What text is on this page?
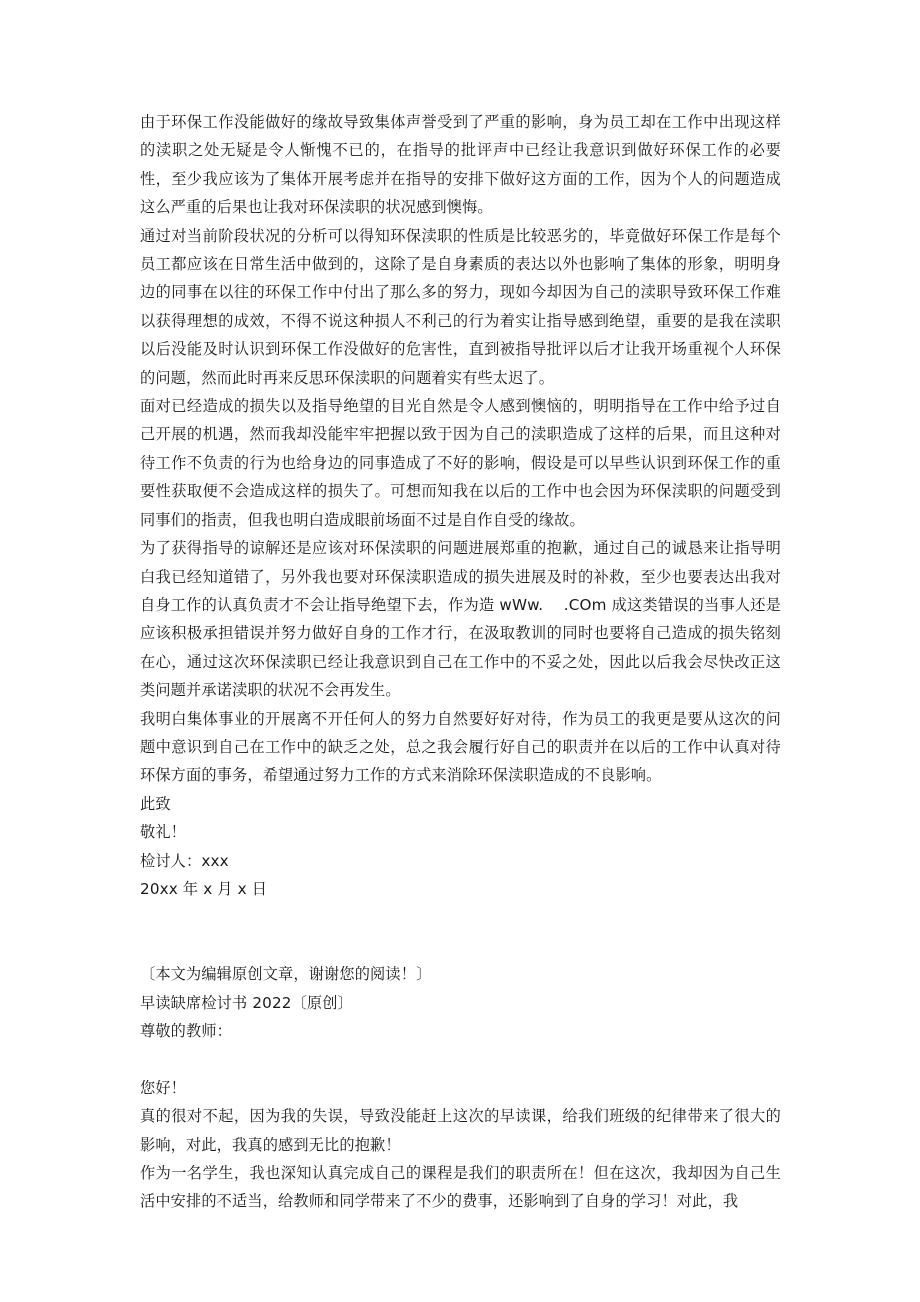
由于环保工作没能做好的缘故导致集体声誉受到了严重的影响，身为员工却在工作中出现这样的渎职之处无疑是令人惭愧不已的，在指导的批评声中已经让我意识到做好环保工作的必要性，至少我应该为了集体开展考虑并在指导的安排下做好这方面的工作，因为个人的问题造成这么严重的后果也让我对环保渎职的状况感到懊悔。

通过对当前阶段状况的分析可以得知环保渎职的性质是比较恶劣的，毕竟做好环保工作是每个员工都应该在日常生活中做到的，这除了是自身素质的表达以外也影响了集体的形象，明明身边的同事在以往的环保工作中付出了那么多的努力，现如今却因为自己的渎职导致环保工作难以获得理想的成效，不得不说这种损人不利己的行为着实让指导感到绝望，重要的是我在渎职以后没能及时认识到环保工作没做好的危害性，直到被指导批评以后才让我开场重视个人环保的问题，然而此时再来反思环保渎职的问题着实有些太迟了。

面对已经造成的损失以及指导绝望的目光自然是令人感到懊恼的，明明指导在工作中给予过自己开展的机遇，然而我却没能牢牢把握以致于因为自己的渎职造成了这样的后果，而且这种对待工作不负责的行为也给身边的同事造成了不好的影响，假设是可以早些认识到环保工作的重要性获取便不会造成这样的损失了。可想而知我在以后的工作中也会因为环保渎职的问题受到同事们的指责，但我也明白造成眼前场面不过是自作自受的缘故。

为了获得指导的谅解还是应该对环保渎职的问题进展郑重的抱歉，通过自己的诚恳来让指导明白我已经知道错了，另外我也要对环保渎职造成的损失进展及时的补救，至少也要表达出我对自身工作的认真负责才不会让指导绝望下去，作为造 wWw.　 .COm 成这类错误的当事人还是应该积极承担错误并努力做好自身的工作才行，在汲取教训的同时也要将自己造成的损失铭刻在心，通过这次环保渎职已经让我意识到自己在工作中的不妥之处，因此以后我会尽快改正这类问题并承诺渎职的状况不会再发生。

我明白集体事业的开展离不开任何人的努力自然要好好对待，作为员工的我更是要从这次的问题中意识到自己在工作中的缺乏之处，总之我会履行好自己的职责并在以后的工作中认真对待环保方面的事务，希望通过努力工作的方式来消除环保渎职造成的不良影响。

此致

敬礼！

检讨人：xxx

20xx 年 x 月 x 日

〔本文为编辑原创文章，谢谢您的阅读！〕

早读缺席检讨书 2022〔原创〕

尊敬的教师：

您好！

真的很对不起，因为我的失误，导致没能赶上这次的早读课，给我们班级的纪律带来了很大的影响，对此，我真的感到无比的抱歉！

作为一名学生，我也深知认真完成自己的课程是我们的职责所在！但在这次，我却因为自己生活中安排的不适当，给教师和同学带来了不少的费事，还影响到了自身的学习！对此，我
